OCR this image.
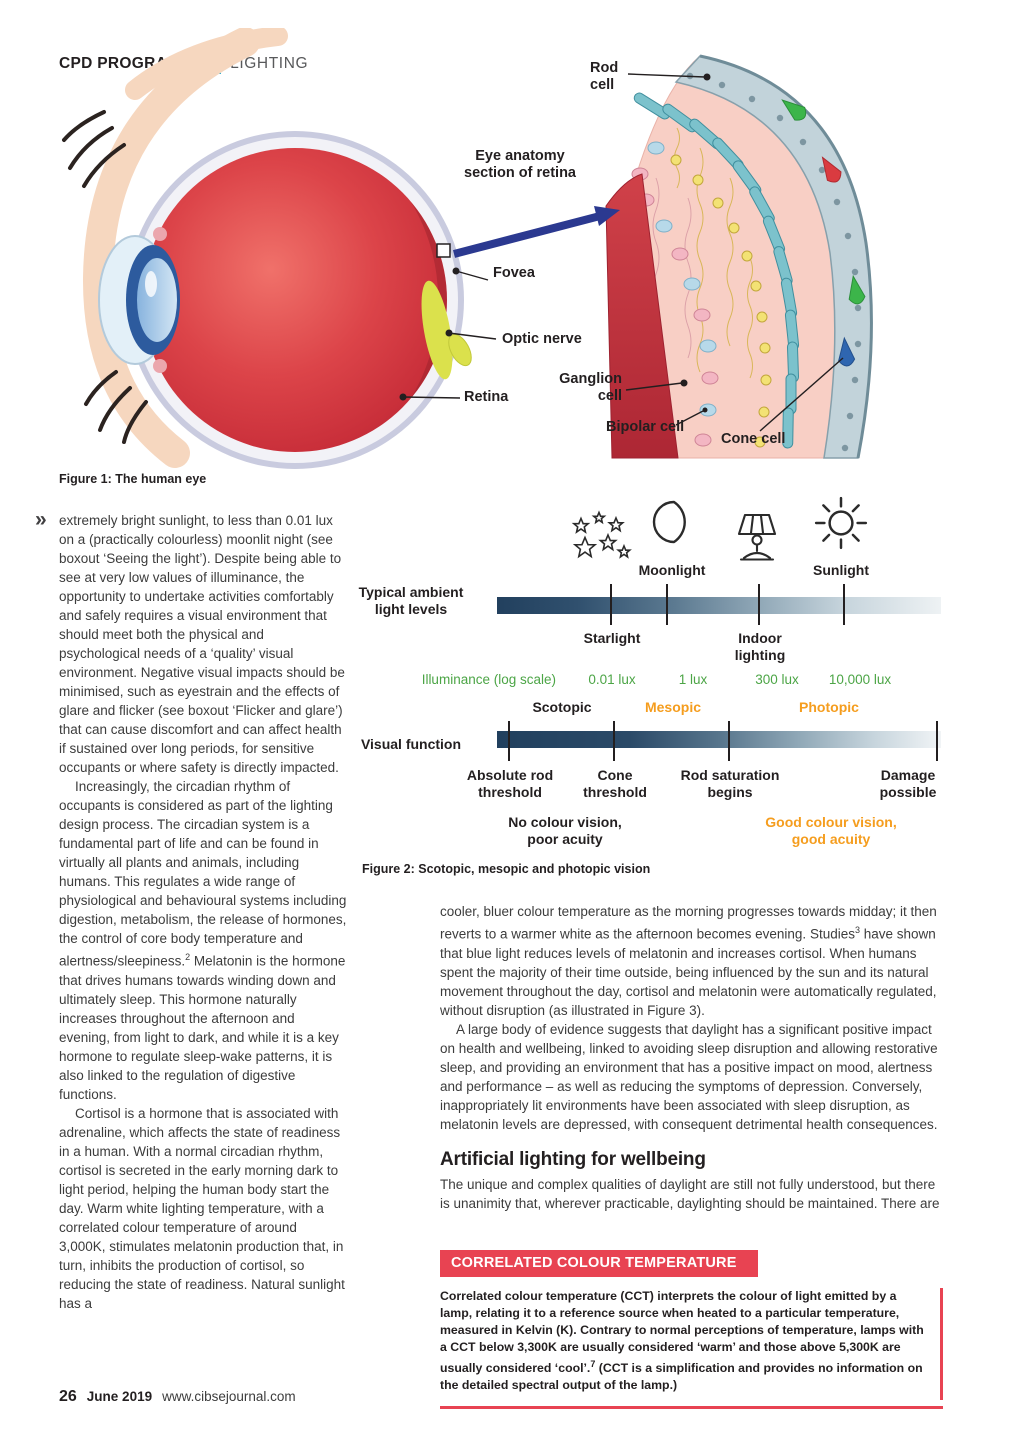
CPD PROGRAMME LIGHTING
Eye anatomy section of retina
Rod cell
Fovea
Optic nerve
Retina
Ganglion cell
Bipolar cell
Cone cell
Figure 1: The human eye
» extremely bright sunlight, to less than 0.01 lux on a (practically colourless) moonlit night (see boxout ‘Seeing the light’). Despite being able to see at very low values of illuminance, the opportunity to undertake activities comfortably and safely requires a visual environment that should meet both the physical and psychological needs of a ‘quality’ visual environment. Negative visual impacts should be minimised, such as eyestrain and the effects of glare and flicker (see boxout ‘Flicker and glare’) that can cause discomfort and can affect health if sustained over long periods, for sensitive occupants or where safety is directly impacted.

Increasingly, the circadian rhythm of occupants is considered as part of the lighting design process. The circadian system is a fundamental part of life and can be found in virtually all plants and animals, including humans. This regulates a wide range of physiological and behavioural systems including digestion, metabolism, the release of hormones, the control of core body temperature and alertness/sleepiness.$^2$ Melatonin is the hormone that drives humans towards winding down and ultimately sleep. This hormone naturally increases throughout the afternoon and evening, from light to dark, and while it is a key hormone to regulate sleep-wake patterns, it is also linked to the regulation of digestive functions.

Cortisol is a hormone that is associated with adrenaline, which affects the state of readiness in a human. With a normal circadian rhythm, cortisol is secreted in the early morning dark to light period, helping the human body start the day. Warm white lighting temperature, with a correlated colour temperature of around 3,000K, stimulates melatonin production that, in turn, inhibits the production of cortisol, so reducing the state of readiness. Natural sunlight has a

Moonlight	Sunlight
Typical ambient light levels
Starlight	Indoor lighting
Illuminance (log scale)	0.01 lux	1 lux	300 lux	10,000 lux
Scotopic	Mesopic	Photopic
Visual function
Absolute rod threshold
Cone threshold
Rod saturation begins
Damage possible
No colour vision, poor acuity
Good colour vision, good acuity
Figure 2: Scotopic, mesopic and photopic vision

cooler, bluer colour temperature as the morning progresses towards midday; it then reverts to a warmer white as the afternoon becomes evening. Studies$^3$ have shown that blue light reduces levels of melatonin and increases cortisol. When humans spent the majority of their time outside, being influenced by the sun and its natural movement throughout the day, cortisol and melatonin were automatically regulated, without disruption (as illustrated in Figure 3).

A large body of evidence suggests that daylight has a significant positive impact on health and wellbeing, linked to avoiding sleep disruption and allowing restorative sleep, and providing an environment that has a positive impact on mood, alertness and performance – as well as reducing the symptoms of depression. Conversely, inappropriately lit environments have been associated with sleep disruption, as melatonin levels are depressed, with consequent detrimental health consequences.

Artificial lighting for wellbeing

The unique and complex qualities of daylight are still not fully understood, but there is unanimity that, wherever practicable, daylighting should be maintained. There are

CORRELATED COLOUR TEMPERATURE
Correlated colour temperature (CCT) interprets the colour of light emitted by a lamp, relating it to a reference source when heated to a particular temperature, measured in Kelvin (K). Contrary to normal perceptions of temperature, lamps with a CCT below 3,300K are usually considered ‘warm’ and those above 5,300K are usually considered ‘cool’.$^7$ (CCT is a simplification and provides no information on the detailed spectral output of the lamp.)
26 June 2019 www.cibsejournal.com
